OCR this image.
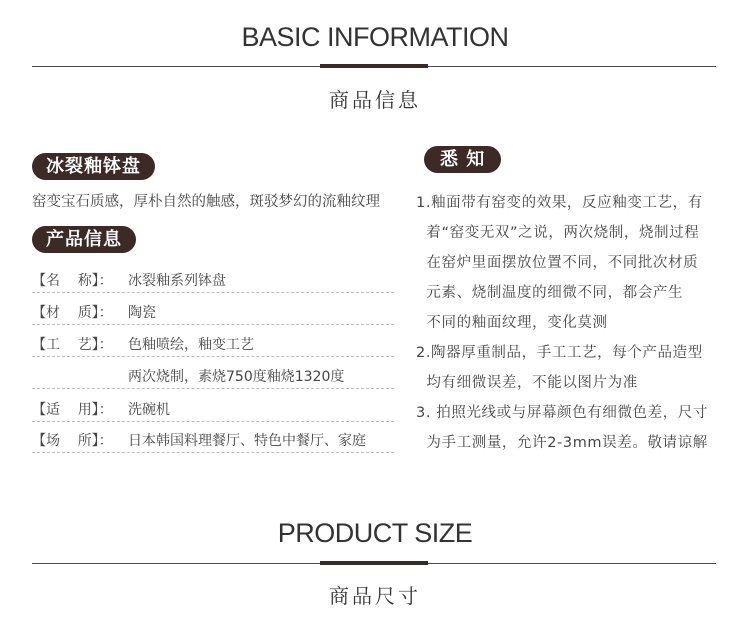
BASIC INFORMATION
商品信息
冰裂釉钵盘
窑变宝石质感，厚朴自然的触感，斑驳梦幻的流釉纹理
产品信息
【名    称】：	冰裂釉系列钵盘
【材    质】：	陶瓷
【工    艺】：	色釉喷绘，釉变工艺
两次烧制，素烧750度釉烧1320度
【适    用】：	洗碗机
【场    所】：	日本韩国料理餐厅、特色中餐厅、家庭
悉 知
1.釉面带有窑变的效果，反应釉变工艺，有
着“窑变无双”之说，两次烧制，烧制过程
在窑炉里面摆放位置不同，不同批次材质
元素、烧制温度的细微不同，都会产生
不同的釉面纹理，变化莫测
2.陶器厚重制品，手工工艺，每个产品造型
均有细微误差，不能以图片为准
3. 拍照光线或与屏幕颜色有细微色差，尺寸
为手工测量，允许2-3mm误差。敬请谅解
PRODUCT SIZE
商品尺寸
